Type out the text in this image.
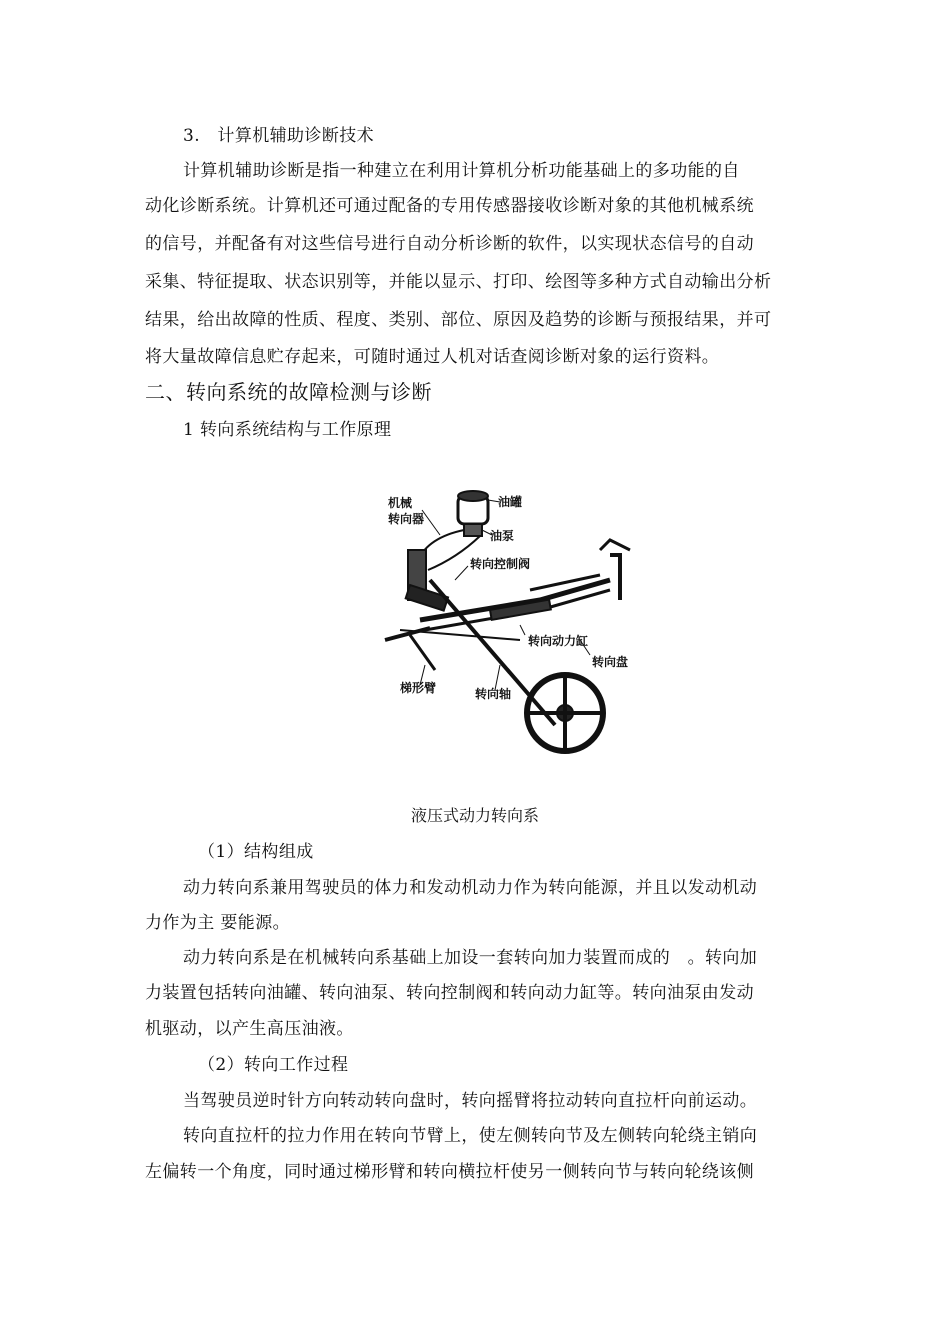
3.　计算机辅助诊断技术
计算机辅助诊断是指一种建立在利用计算机分析功能基础上的多功能的自
动化诊断系统。计算机还可通过配备的专用传感器接收诊断对象的其他机械系统
的信号，并配备有对这些信号进行自动分析诊断的软件，以实现状态信号的自动
采集、特征提取、状态识别等，并能以显示、打印、绘图等多种方式自动输出分析
结果，给出故障的性质、程度、类别、部位、原因及趋势的诊断与预报结果，并可
将大量故障信息贮存起来，可随时通过人机对话查阅诊断对象的运行资料。
二、转向系统的故障检测与诊断
1 转向系统结构与工作原理
机械
转向器
油罐
油泵
转向控制阀
转向动力缸
转向盘
梯形臂	转向轴
液压式动力转向系
（1）结构组成
动力转向系兼用驾驶员的体力和发动机动力作为转向能源，并且以发动机动
力作为主 要能源。
动力转向系是在机械转向系基础上加设一套转向加力装置而成的　。转向加
力装置包括转向油罐、转向油泵、转向控制阀和转向动力缸等。转向油泵由发动
机驱动，以产生高压油液。
（2）转向工作过程
当驾驶员逆时针方向转动转向盘时，转向摇臂将拉动转向直拉杆向前运动。
转向直拉杆的拉力作用在转向节臂上，使左侧转向节及左侧转向轮绕主销向
左偏转一个角度，同时通过梯形臂和转向横拉杆使另一侧转向节与转向轮绕该侧
